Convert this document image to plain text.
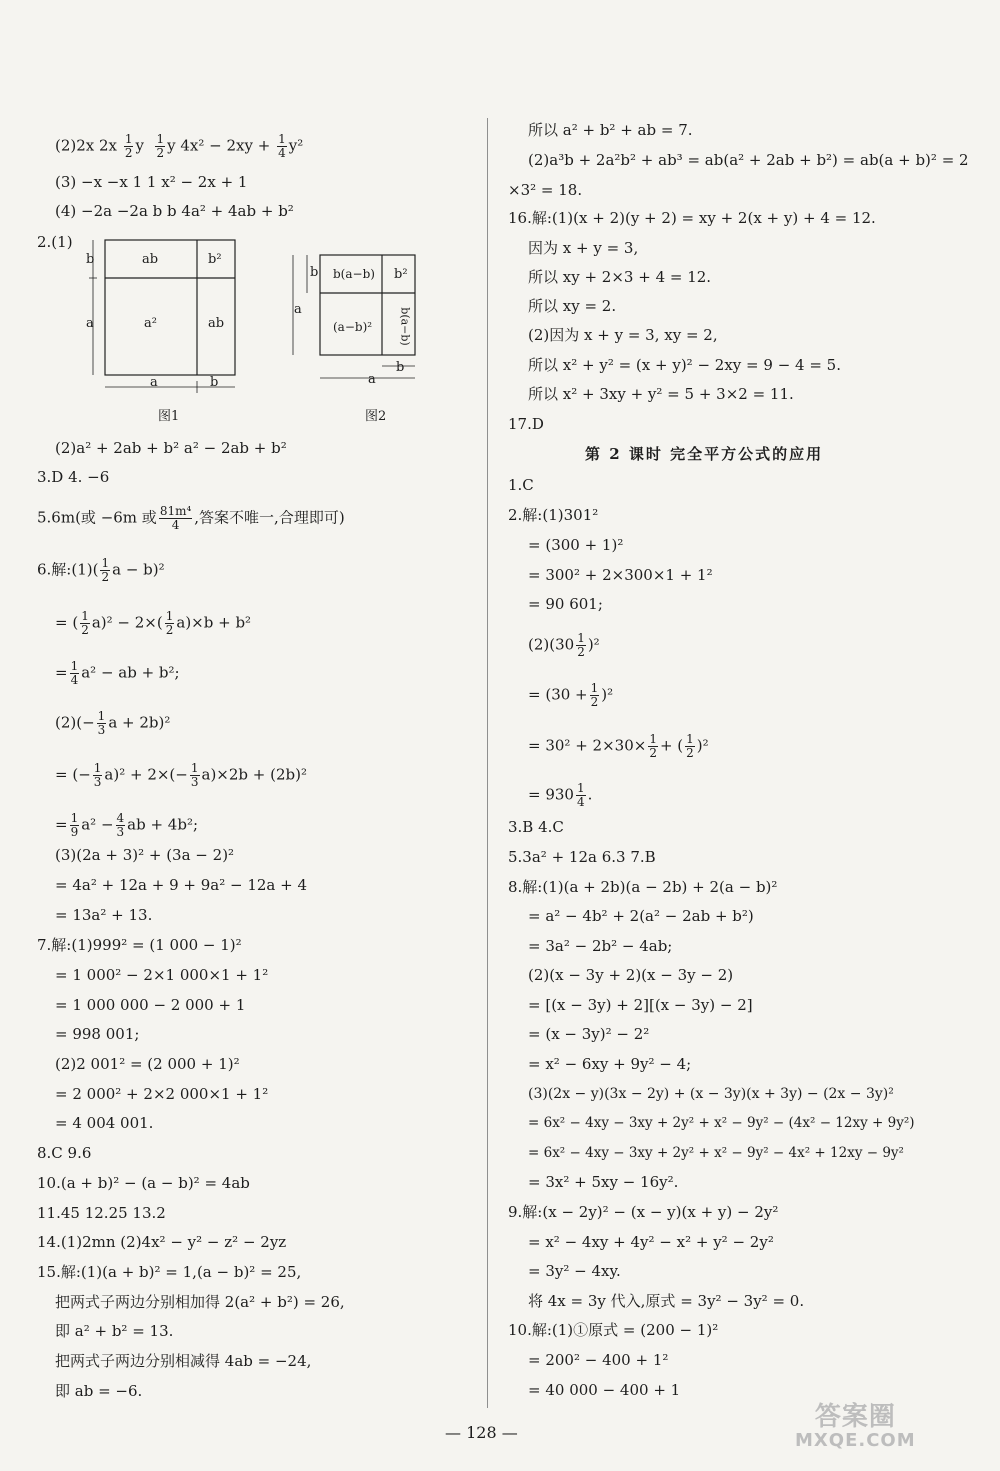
(2)2x $2x \frac{1}{2}$ y $\frac{1}{2}$ y $4x^2 - 2xy + \frac{1}{4} y^2$
(3) −x −x 1 1 x² − 2x + 1
(4) −2a −2a b b 4a² + 4ab + b²
2.(1)
ab	b²
a²	ab
b
a
a	b
图1
b(a−b) b²
(a−b)² b(a−b)
a
b
a
b
图2
(2)a² + 2ab + b² a² − 2ab + b²
3.D 4. −6
5.6m(或 −6m 或 $\frac{\text{81m⁴}}{4}$ ,答案不唯一,合理即可)
6.解:(1)( $\frac{1}{2}$ a − b)²
= ( $\frac{1}{2} a)^2 - 2\times( \frac{1}{2} a)\times b + b^2$
= $\frac{1}{4} a^2$ − ab + b²;
$(2)(- \frac{1}{3}$ a + 2b)²
= (− $\frac{1}{3} a)^2 + 2\times(- \frac{1}{3} a)\times 2b + (2b)^2$
= $\frac{1}{9} a^2 - \frac{4}{3}$ ab + 4b²;
(3)(2a + 3)² + (3a − 2)²
= 4a² + 12a + 9 + 9a² − 12a + 4
= 13a² + 13.
7.解:(1)999² = (1 000 − 1)²
= 1 000² − 2×1 000×1 + 1²
= 1 000 000 − 2 000 + 1
= 998 001;
(2)2 001² = (2 000 + 1)²
= 2 000² + 2×2 000×1 + 1²
= 4 004 001.
8.C 9.6
10.(a + b)² − (a − b)² = 4ab
11.45 12.25 13.2
14.(1)2mn (2)4x² − y² − z² − 2yz
15.解:(1)(a + b)² = 1,(a − b)² = 25,
把两式子两边分别相加得 2(a² + b²) = 26,
即 a² + b² = 13.
把两式子两边分别相减得 4ab = −24,
即 ab = −6.
所以 a² + b² + ab = 7.
(2)a³b + 2a²b² + ab³ = ab(a² + 2ab + b²) = ab(a + b)² = 2
×3² = 18.
16.解:(1)(x + 2)(y + 2) = xy + 2(x + y) + 4 = 12.
因为 x + y = 3,
所以 xy + 2×3 + 4 = 12.
所以 xy = 2.
(2)因为 x + y = 3, xy = 2,
所以 x² + y² = (x + y)² − 2xy = 9 − 4 = 5.
所以 x² + 3xy + y² = 5 + 3×2 = 11.
17.D
第 2 课时 完全平方公式的应用
1.C
2.解:(1)301²
= (300 + 1)²
= 300² + 2×300×1 + 1²
= 90 601;
$(2)(30 \frac{1}{2} )^2$
= $(30 + \frac{1}{2} )^2$
= $30^2 + 2\times 30\times \frac{1}{2}$ + ( $\frac{1}{2} )^2$
= $930 \frac{1}{4}$ .
3.B 4.C
5.3a² + 12a 6.3 7.B
8.解:(1)(a + 2b)(a − 2b) + 2(a − b)²
= a² − 4b² + 2(a² − 2ab + b²)
= 3a² − 2b² − 4ab;
(2)(x − 3y + 2)(x − 3y − 2)
= [(x − 3y) + 2][(x − 3y) − 2]
= (x − 3y)² − 2²
= x² − 6xy + 9y² − 4;
(3)(2x − y)(3x − 2y) + (x − 3y)(x + 3y) − (2x − 3y)²
= 6x² − 4xy − 3xy + 2y² + x² − 9y² − (4x² − 12xy + 9y²)
= 6x² − 4xy − 3xy + 2y² + x² − 9y² − 4x² + 12xy − 9y²
= 3x² + 5xy − 16y².
9.解:(x − 2y)² − (x − y)(x + y) − 2y²
= x² − 4xy + 4y² − x² + y² − 2y²
= 3y² − 4xy.
将 4x = 3y 代入,原式 = 3y² − 3y² = 0.
10.解:(1)①原式 = (200 − 1)²
= 200² − 400 + 1²
= 40 000 − 400 + 1
— 128 —
答案圈
MXQE.COM
